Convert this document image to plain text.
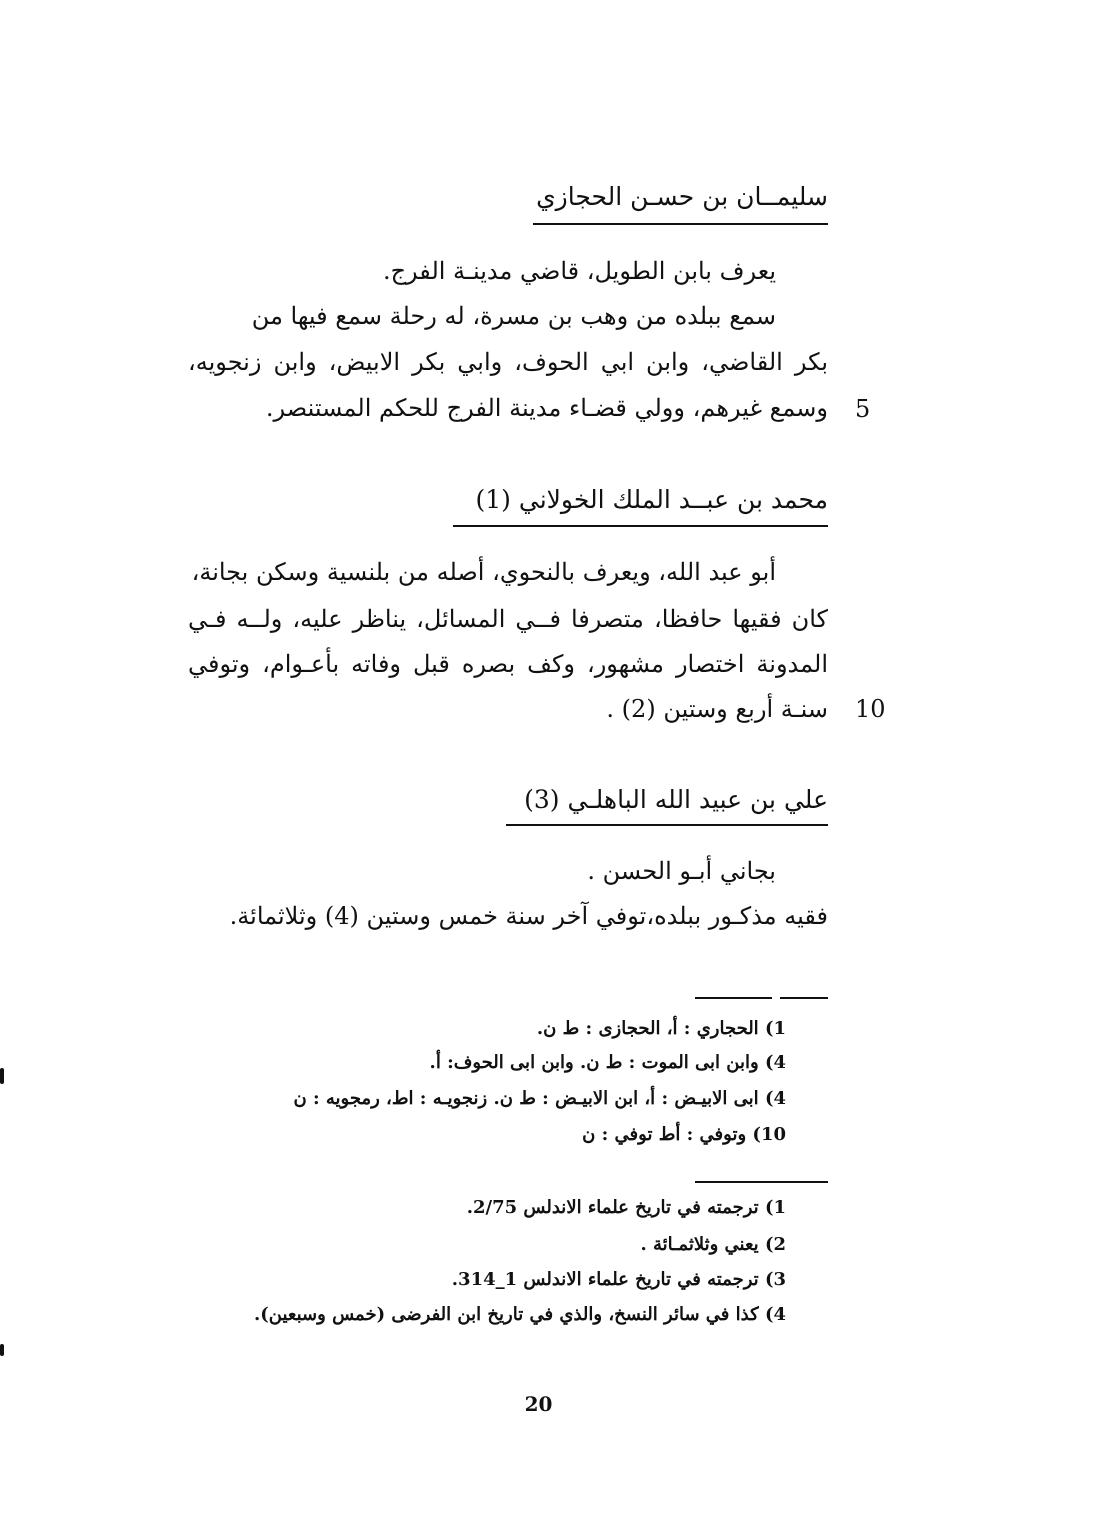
سليمــان بن حسـن الحجازي
يعرف بابن الطويل، قاضي مدينـة الفرج.
سمع ببلده من وهب بن مسرة، له رحلة سمع فيها من
بكر القاضي، وابن ابي الحوف، وابي بكر الابيض، وابن زنجويه،
وسمع غيرهم، وولي قضـاء مدينة الفرج للحكم المستنصر. 5
محمد بن عبــد الملك الخولاني (1)
أبو عبد الله، ويعرف بالنحوي، أصله من بلنسية وسكن بجانة،
كان فقيها حافظا، متصرفا فــي المسائل، يناظر عليه، ولــه فـي
المدونة اختصار مشهور، وكف بصره قبل وفاته بأعـوام، وتوفي
سنـة أربع وستين (2) . 10
علي بن عبيد الله الباهلـي (3)
بجاني أبـو الحسن .
فقيه مذكـور ببلده،توفي آخر سنة خمس وستين (4) وثلاثمائة.
1) الحجاري : أ، الحجازى : ط ن.
4) وابن ابى الموت : ط ن. وابن ابى الحوف: أ.
4) ابى الابيـض : أ، ابن الابيـض : ط ن. زنجويـه : اط، رمجويه : ن
10) وتوفي : أط توفي : ن
1) ترجمته في تاريخ علماء الاندلس 2/75.
2) يعني وثلاثمـائة .
3) ترجمته في تاريخ علماء الاندلس 1_314.
4) كذا في سائر النسخ، والذي في تاريخ ابن الفرضى (خمس وسبعين).
20
